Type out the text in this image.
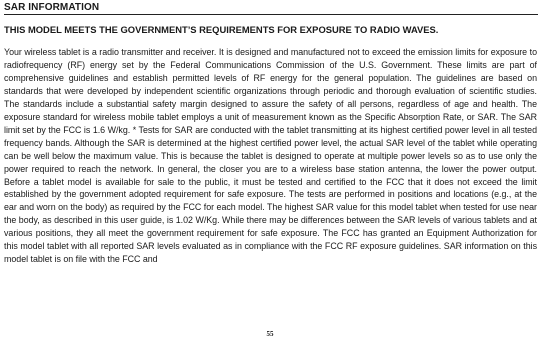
SAR INFORMATION
THIS MODEL MEETS THE GOVERNMENT’S REQUIREMENTS FOR EXPOSURE TO RADIO WAVES.
Your wireless tablet is a radio transmitter and receiver. It is designed and manufactured not to exceed the emission limits for exposure to radiofrequency (RF) energy set by the Federal Communications Commission of the U.S. Government. These limits are part of comprehensive guidelines and establish permitted levels of RF energy for the general population. The guidelines are based on standards that were developed by independent scientific organizations through periodic and thorough evaluation of scientific studies. The standards include a substantial safety margin designed to assure the safety of all persons, regardless of age and health. The exposure standard for wireless mobile tablet employs a unit of measurement known as the Specific Absorption Rate, or SAR. The SAR limit set by the FCC is 1.6 W/kg. * Tests for SAR are conducted with the tablet transmitting at its highest certified power level in all tested frequency bands. Although the SAR is determined at the highest certified power level, the actual SAR level of the tablet while operating can be well below the maximum value. This is because the tablet is designed to operate at multiple power levels so as to use only the power required to reach the network. In general, the closer you are to a wireless base station antenna, the lower the power output. Before a tablet model is available for sale to the public, it must be tested and certified to the FCC that it does not exceed the limit established by the government adopted requirement for safe exposure. The tests are performed in positions and locations (e.g., at the ear and worn on the body) as required by the FCC for each model. The highest SAR value for this model tablet when tested for use near the body, as described in this user guide, is 1.02 W/Kg. While there may be differences between the SAR levels of various tablets and at various positions, they all meet the government requirement for safe exposure. The FCC has granted an Equipment Authorization for this model tablet with all reported SAR levels evaluated as in compliance with the FCC RF exposure guidelines. SAR information on this model tablet is on file with the FCC and
55
